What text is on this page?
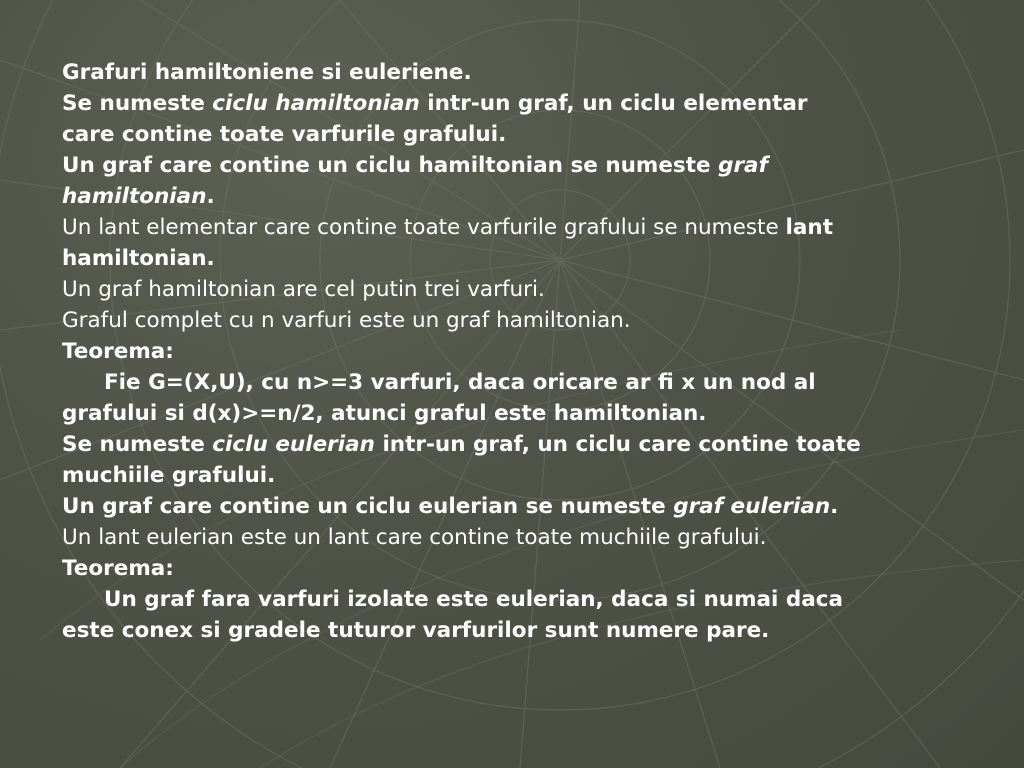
Grafuri hamiltoniene si euleriene.
Se numeste ciclu hamiltonian intr-un graf, un ciclu elementar
care contine toate varfurile grafului.
Un graf care contine un ciclu hamiltonian se numeste graf
hamiltonian.
Un lant elementar care contine toate varfurile grafului se numeste lant
hamiltonian.
Un graf hamiltonian are cel putin trei varfuri.
Graful complet cu n varfuri este un graf hamiltonian.
Teorema:
Fie G=(X,U), cu n>=3 varfuri, daca oricare ar fi x un nod al
grafului si d(x)>=n/2, atunci graful este hamiltonian.
Se numeste ciclu eulerian intr-un graf, un ciclu care contine toate
muchiile grafului.
Un graf care contine un ciclu eulerian se numeste graf eulerian.
Un lant eulerian este un lant care contine toate muchiile grafului.
Teorema:
Un graf fara varfuri izolate este eulerian, daca si numai daca
este conex si gradele tuturor varfurilor sunt numere pare.
